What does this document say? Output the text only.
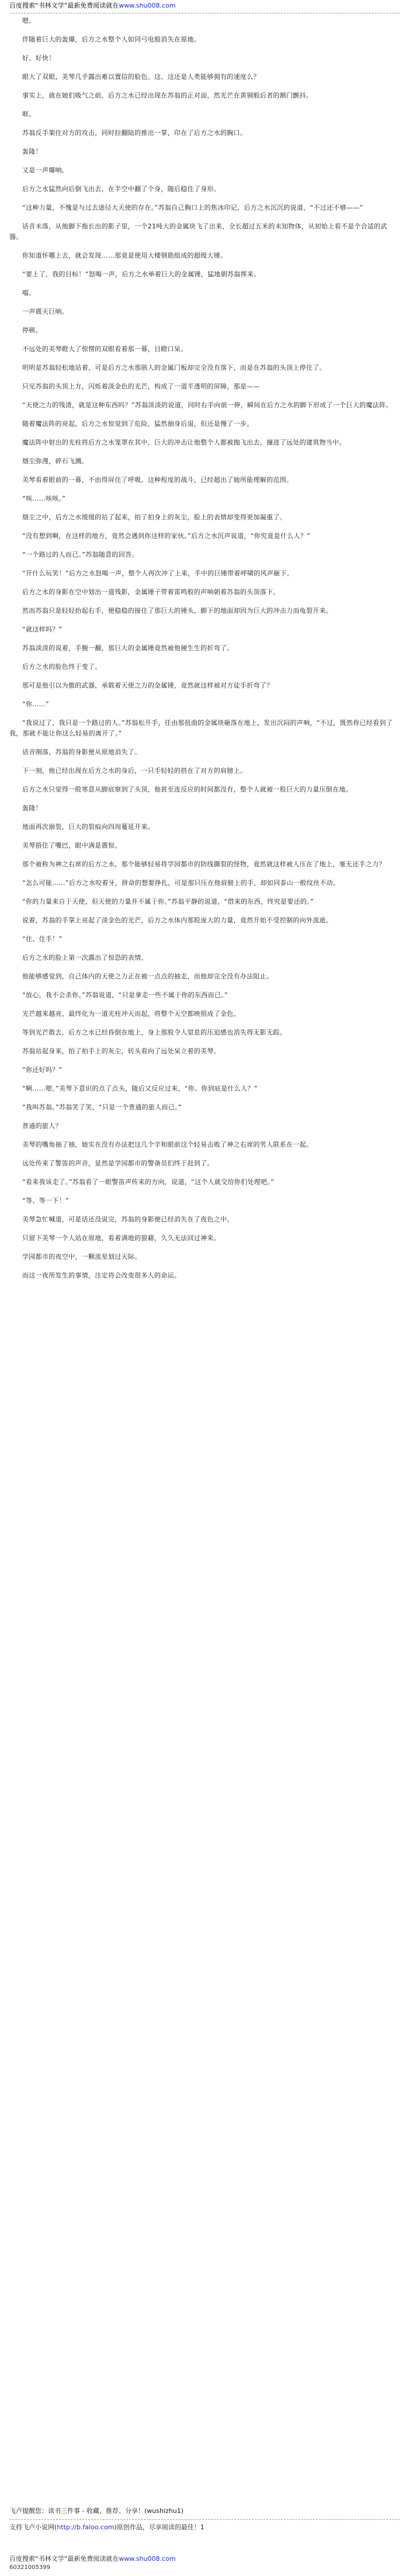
百度搜索“书林文学”最新免费阅读就在www.shu008.com

嗯。

伴随着巨大的轰爆，后方之水整个人如同弓电般消失在原地。

好、好快！

眼大了双眼，美琴几乎露出难以置信的脸色。这、这还是人类能够拥有的速度么？

事实上，就在她们吸气之前，后方之水已经出现在苏翁的正对面，然光芒在黄铜般后者的额门颤抖。

哐。

苏翁反手架住对方的攻击，同时拉翻陆的推出一掌，印在了后方之水的胸口。

轰隆！

又是一声爆响。

后方之水猛然向后倒飞出去，在半空中翻了个身，随后稳住了身形。

“这种力量，不愧是与过去途径大天使的存在。”苏翁自己胸口上的焦冰印记，后方之水沉沉的说道，“不过还不够——”

话音未落，从他脚下拖长出的影子里，一个21吨大的金属块飞了出来，全长超过五米的未知物体，从初始上看不是个合适的武器。

你知道怀哪上去，就会发现……那竟是使用大楼钢筋组成的超级大锤。

“要上了，我的目标！”怒喝一声，后方之水举着巨大的金属锤，猛地朝苏翁挥来。

噹。

一声震天巨响。

停顿。

不远处的美琴瞪大了惊愣的双眼看着那一幕，目瞪口呆。

明明是苏翁轻松地站着，可是后方之水那骇人的金属门板却完全没有落下，而是在苏翁的头顶上停住了。

只见苏翁的头顶上方，闪烁着淡金色的光芒，构成了一道半透明的屏障，那是——

“天使之力的残渣，就是这种东西吗？”苏翁淡淡的说道，同时右手向前一伸，瞬间在后方之水的脚下形成了一个巨大的魔法阵。

随着魔法阵的亮起，后方之水惊觉到了危险，猛然抽身后退，但还是慢了一步。

魔法阵中射出的光柱将后方之水笼罩在其中，巨大的冲击让他整个人都被抛飞出去，撞进了远处的建筑物当中。

烟尘弥漫，碎石飞溅。

美琴看着眼前的一幕，不由得屏住了呼吸。这种程度的战斗，已经超出了她所能理解的范围。

“咳……咳咳。”

烟尘之中，后方之水缓缓的站了起来，拍了拍身上的灰尘，脸上的表情却变得更加凝重了。

“没有想到啊，在这样的地方，竟然会遇到你这样的家伙。”后方之水沉声说道，“你究竟是什么人？”

“一个路过的人而已。”苏翁随意的回答。

“开什么玩笑！”后方之水怒喝一声，整个人再次冲了上来，手中的巨锤带着呼啸的风声砸下。

后方之水的身影在空中划出一道残影，金属锤子带着雷鸣般的声响朝着苏翁的头顶落下。

然而苏翁只是轻轻抬起右手，便稳稳的接住了那巨大的锤头，脚下的地面却因为巨大的冲击力而龟裂开来。

“就这样吗？”

苏翁淡淡的说着，手腕一翻，那巨大的金属锤竟然被他硬生生的折弯了。

后方之水的脸色终于变了。

那可是他引以为傲的武器，承载着天使之力的金属锤，竟然就这样被对方徒手折弯了？

“你……”

“我说过了，我只是一个路过的人。”苏翁松开手，任由那扭曲的金属块砸落在地上，发出沉闷的声响，“不过，既然你已经看到了我，那就不能让你这么轻易的离开了。”

话音刚落，苏翁的身影便从原地消失了。

下一刻，他已经出现在后方之水的身后，一只手轻轻的搭在了对方的肩膀上。

后方之水只觉得一股寒意从脚底窜到了头顶，他甚至连反应的时间都没有，整个人就被一股巨大的力量压倒在地。

轰隆！

地面再次崩裂，巨大的裂痕向四周蔓延开来。

美琴捂住了嘴巴，眼中满是震惊。

那个被称为神之右席的后方之水，那个能够轻易将学园都市的防线撕裂的怪物，竟然就这样被人压在了地上，毫无还手之力？

“怎么可能……”后方之水咬着牙，拼命的想要挣扎，可是那只压在他肩膀上的手，却如同泰山一般纹丝不动。

“你的力量来自于天使，但天使的力量并不属于你。”苏翁平静的说道，“借来的东西，终究是要还的。”

说着，苏翁的手掌上亮起了淡金色的光芒，后方之水体内那股庞大的力量，竟然开始不受控制的向外流逝。

“住、住手！”

后方之水的脸上第一次露出了惊恐的表情。

他能够感觉到，自己体内的天使之力正在被一点点的抽走，而他却完全没有办法阻止。

“放心，我不会杀你。”苏翁说道，“只是拿走一些不属于你的东西而已。”

光芒越来越亮，最终化为一道光柱冲天而起，将整个天空都映照成了金色。

等到光芒散去，后方之水已经昏倒在地上，身上那股令人窒息的压迫感也消失得无影无踪。

苏翁站起身来，拍了拍手上的灰尘，转头看向了远处呆立着的美琴。

“你还好吗？”

“啊……嗯。”美琴下意识的点了点头，随后又反应过来，“你、你到底是什么人？”

“我叫苏翁。”苏翁笑了笑，“只是一个普通的旅人而已。”

普通的旅人？

美琴的嘴角抽了抽，她实在没有办法把这几个字和眼前这个轻易击败了神之右席的男人联系在一起。

远处传来了警笛的声音，显然是学园都市的警备员们终于赶到了。

“看来我该走了。”苏翁看了一眼警笛声传来的方向，说道，“这个人就交给你们处理吧。”

“等、等一下！”

美琴急忙喊道，可是话还没说完，苏翁的身影便已经消失在了夜色之中。

只留下美琴一个人站在原地，看着满地的狼藉，久久无法回过神来。

学园都市的夜空中，一颗流星划过天际。

而这一夜所发生的事情，注定将会改变很多人的命运。

飞卢提醒您：读书三件事 - 收藏、推荐、分享！(wushizhu1)
支持飞卢小说网(http://b.faloo.com)原创作品，尽享阅读的最佳！1
百度搜索“书林文学”最新免费阅读就在www.shu008.com
60321005399
